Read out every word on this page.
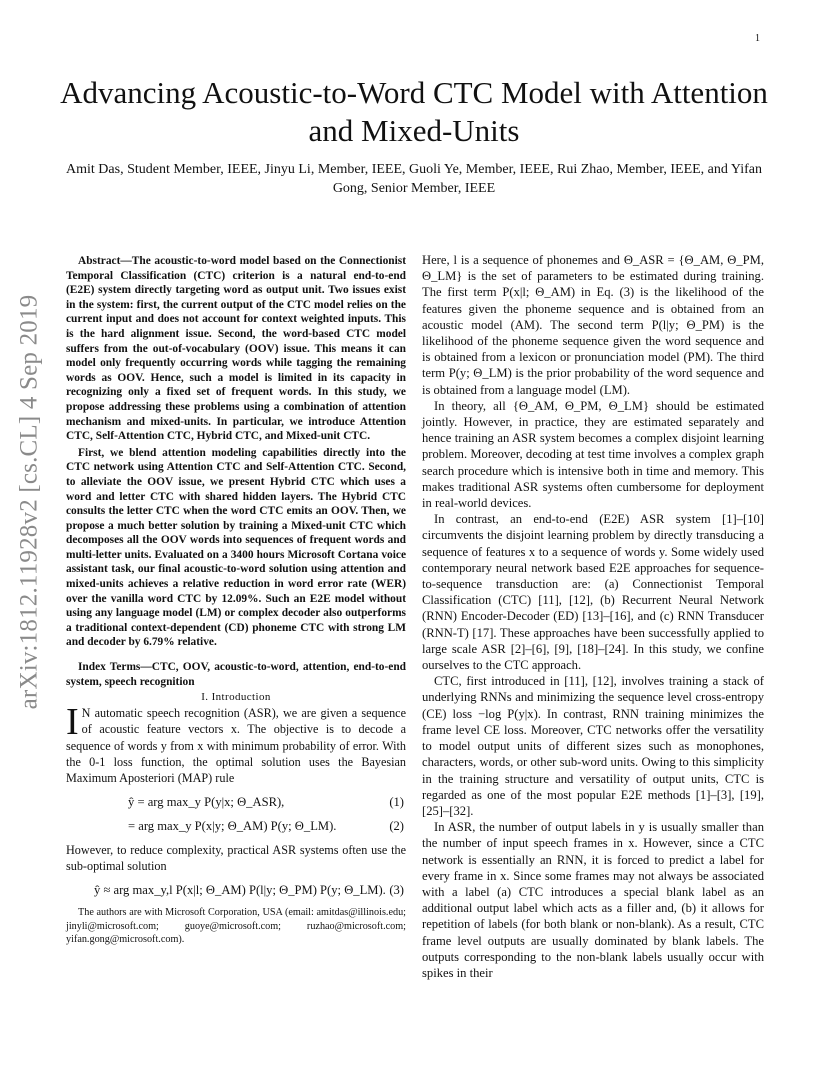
1
arXiv:1812.11928v2 [cs.CL] 4 Sep 2019
Advancing Acoustic-to-Word CTC Model with Attention and Mixed-Units
Amit Das, Student Member, IEEE, Jinyu Li, Member, IEEE, Guoli Ye, Member, IEEE, Rui Zhao, Member, IEEE, and Yifan Gong, Senior Member, IEEE

Abstract—The acoustic-to-word model based on the Connectionist Temporal Classification (CTC) criterion is a natural end-to-end (E2E) system directly targeting word as output unit. Two issues exist in the system: first, the current output of the CTC model relies on the current input and does not account for context weighted inputs. This is the hard alignment issue. Second, the word-based CTC model suffers from the out-of-vocabulary (OOV) issue. This means it can model only frequently occurring words while tagging the remaining words as OOV. Hence, such a model is limited in its capacity in recognizing only a fixed set of frequent words. In this study, we propose addressing these problems using a combination of attention mechanism and mixed-units. In particular, we introduce Attention CTC, Self-Attention CTC, Hybrid CTC, and Mixed-unit CTC.

First, we blend attention modeling capabilities directly into the CTC network using Attention CTC and Self-Attention CTC. Second, to alleviate the OOV issue, we present Hybrid CTC which uses a word and letter CTC with shared hidden layers. The Hybrid CTC consults the letter CTC when the word CTC emits an OOV. Then, we propose a much better solution by training a Mixed-unit CTC which decomposes all the OOV words into sequences of frequent words and multi-letter units. Evaluated on a 3400 hours Microsoft Cortana voice assistant task, our final acoustic-to-word solution using attention and mixed-units achieves a relative reduction in word error rate (WER) over the vanilla word CTC by 12.09%. Such an E2E model without using any language model (LM) or complex decoder also outperforms a traditional context-dependent (CD) phoneme CTC with strong LM and decoder by 6.79% relative.

Index Terms—CTC, OOV, acoustic-to-word, attention, end-to-end system, speech recognition

I. Introduction

I N automatic speech recognition (ASR), we are given a sequence of acoustic feature vectors x. The objective is to decode a sequence of words y from x with minimum probability of error. With the 0-1 loss function, the optimal solution uses the Bayesian Maximum Aposteriori (MAP) rule

ŷ = arg max_y P(y|x; Θ_ASR),	(1)
= arg max_y P(x|y; Θ_AM) P(y; Θ_LM).	(2)

However, to reduce complexity, practical ASR systems often use the sub-optimal solution

ŷ ≈ arg max_y,l P(x|l; Θ_AM) P(l|y; Θ_PM) P(y; Θ_LM). (3)

The authors are with Microsoft Corporation, USA (email: amitdas@illinois.edu; jinyli@microsoft.com; guoye@microsoft.com; ruzhao@microsoft.com; yifan.gong@microsoft.com).

Here, l is a sequence of phonemes and Θ_ASR = {Θ_AM, Θ_PM, Θ_LM} is the set of parameters to be estimated during training. The first term P(x|l; Θ_AM) in Eq. (3) is the likelihood of the features given the phoneme sequence and is obtained from an acoustic model (AM). The second term P(l|y; Θ_PM) is the likelihood of the phoneme sequence given the word sequence and is obtained from a lexicon or pronunciation model (PM). The third term P(y; Θ_LM) is the prior probability of the word sequence and is obtained from a language model (LM).

In theory, all {Θ_AM, Θ_PM, Θ_LM} should be estimated jointly. However, in practice, they are estimated separately and hence training an ASR system becomes a complex disjoint learning problem. Moreover, decoding at test time involves a complex graph search procedure which is intensive both in time and memory. This makes traditional ASR systems often cumbersome for deployment in real-world devices.

In contrast, an end-to-end (E2E) ASR system [1]–[10] circumvents the disjoint learning problem by directly transducing a sequence of features x to a sequence of words y. Some widely used contemporary neural network based E2E approaches for sequence-to-sequence transduction are: (a) Connectionist Temporal Classification (CTC) [11], [12], (b) Recurrent Neural Network (RNN) Encoder-Decoder (ED) [13]–[16], and (c) RNN Transducer (RNN-T) [17]. These approaches have been successfully applied to large scale ASR [2]–[6], [9], [18]–[24]. In this study, we confine ourselves to the CTC approach.

CTC, first introduced in [11], [12], involves training a stack of underlying RNNs and minimizing the sequence level cross-entropy (CE) loss −log P(y|x). In contrast, RNN training minimizes the frame level CE loss. Moreover, CTC networks offer the versatility to model output units of different sizes such as monophones, characters, words, or other sub-word units. Owing to this simplicity in the training structure and versatility of output units, CTC is regarded as one of the most popular E2E methods [1]–[3], [19], [25]–[32].

In ASR, the number of output labels in y is usually smaller than the number of input speech frames in x. However, since a CTC network is essentially an RNN, it is forced to predict a label for every frame in x. Since some frames may not always be associated with a label (a) CTC introduces a special blank label as an additional output label which acts as a filler and, (b) it allows for repetition of labels (for both blank or non-blank). As a result, CTC frame level outputs are usually dominated by blank labels. The outputs corresponding to the non-blank labels usually occur with spikes in their
